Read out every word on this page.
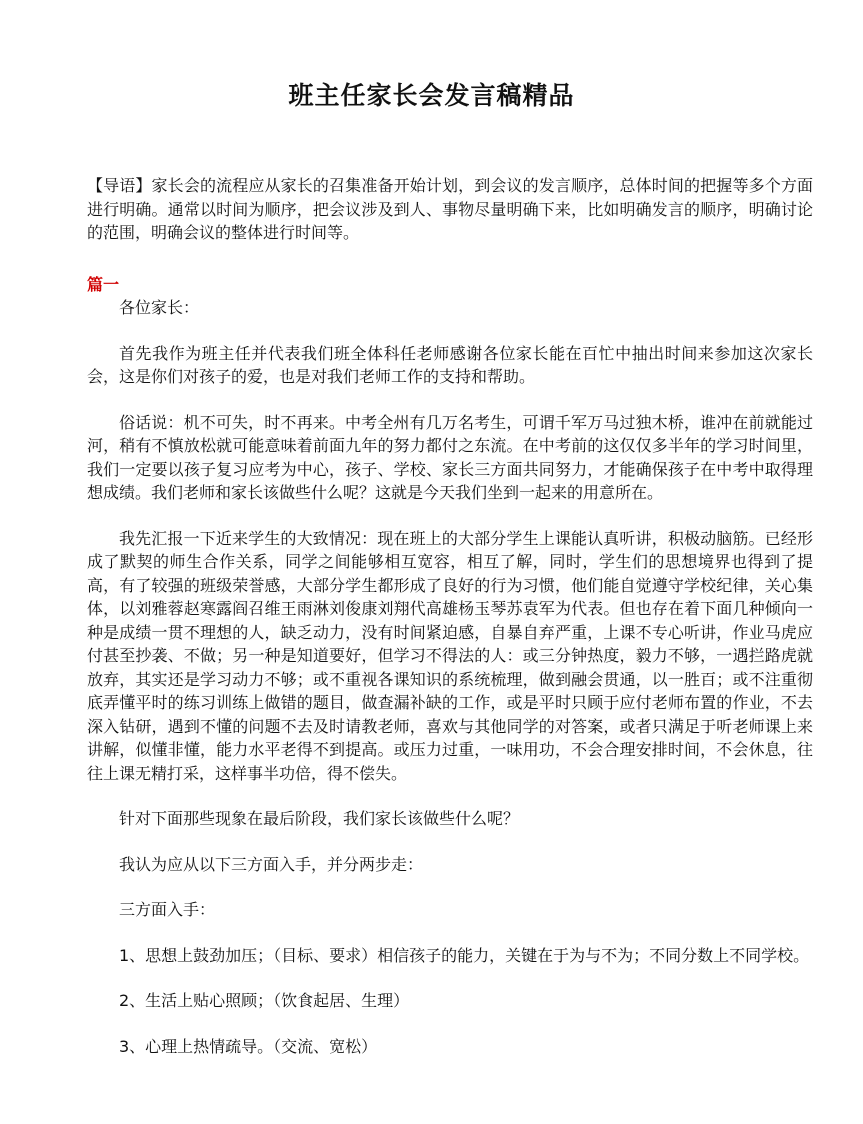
班主任家长会发言稿精品

【导语】家长会的流程应从家长的召集准备开始计划，到会议的发言顺序，总体时间的把握等多个方面进行明确。通常以时间为顺序，把会议涉及到人、事物尽量明确下来，比如明确发言的顺序，明确讨论的范围，明确会议的整体进行时间等。

篇一

各位家长：

首先我作为班主任并代表我们班全体科任老师感谢各位家长能在百忙中抽出时间来参加这次家长会，这是你们对孩子的爱，也是对我们老师工作的支持和帮助。

俗话说：机不可失，时不再来。中考全州有几万名考生，可谓千军万马过独木桥，谁冲在前就能过河，稍有不慎放松就可能意味着前面九年的努力都付之东流。在中考前的这仅仅多半年的学习时间里，我们一定要以孩子复习应考为中心，孩子、学校、家长三方面共同努力，才能确保孩子在中考中取得理想成绩。我们老师和家长该做些什么呢？这就是今天我们坐到一起来的用意所在。

我先汇报一下近来学生的大致情况：现在班上的大部分学生上课能认真听讲，积极动脑筋。已经形成了默契的师生合作关系，同学之间能够相互宽容，相互了解，同时，学生们的思想境界也得到了提高，有了较强的班级荣誉感，大部分学生都形成了良好的行为习惯，他们能自觉遵守学校纪律，关心集体，以刘雅蓉赵寒露阎召维王雨淋刘俊康刘翔代高雄杨玉琴苏袁军为代表。但也存在着下面几种倾向一种是成绩一贯不理想的人，缺乏动力，没有时间紧迫感，自暴自弃严重，上课不专心听讲，作业马虎应付甚至抄袭、不做；另一种是知道要好，但学习不得法的人：或三分钟热度，毅力不够，一遇拦路虎就放弃，其实还是学习动力不够；或不重视各课知识的系统梳理，做到融会贯通，以一胜百；或不注重彻底弄懂平时的练习训练上做错的题目，做查漏补缺的工作，或是平时只顾于应付老师布置的作业，不去深入钻研，遇到不懂的问题不去及时请教老师，喜欢与其他同学的对答案，或者只满足于听老师课上来讲解，似懂非懂，能力水平老得不到提高。或压力过重，一味用功，不会合理安排时间，不会休息，往往上课无精打采，这样事半功倍，得不偿失。

针对下面那些现象在最后阶段，我们家长该做些什么呢？

我认为应从以下三方面入手，并分两步走：

三方面入手：

1、思想上鼓劲加压；（目标、要求）相信孩子的能力，关键在于为与不为；不同分数上不同学校。

2、生活上贴心照顾；（饮食起居、生理）

3、心理上热情疏导。（交流、宽松）
